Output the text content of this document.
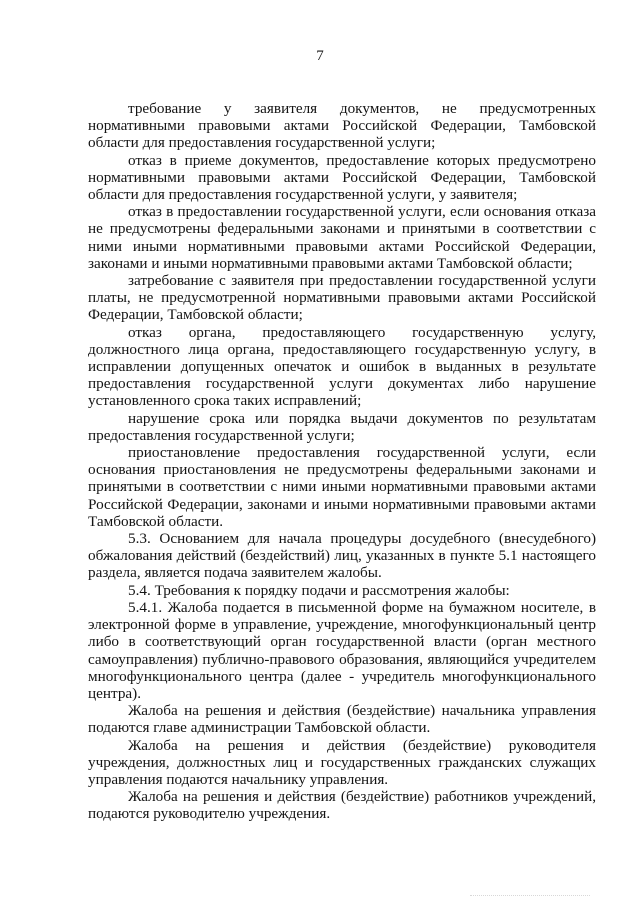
7

требование у заявителя документов, не предусмотренных нормативными правовыми актами Российской Федерации, Тамбовской области для предоставления государственной услуги;

отказ в приеме документов, предоставление которых предусмотрено нормативными правовыми актами Российской Федерации, Тамбовской области для предоставления государственной услуги, у заявителя;

отказ в предоставлении государственной услуги, если основания отказа не предусмотрены федеральными законами и принятыми в соответствии с ними иными нормативными правовыми актами Российской Федерации, законами и иными нормативными правовыми актами Тамбовской области;

затребование с заявителя при предоставлении государственной услуги платы, не предусмотренной нормативными правовыми актами Российской Федерации, Тамбовской области;

отказ органа, предоставляющего государственную услугу, должностного лица органа, предоставляющего государственную услугу, в исправлении допущенных опечаток и ошибок в выданных в результате предоставления государственной услуги документах либо нарушение установленного срока таких исправлений;

нарушение срока или порядка выдачи документов по результатам предоставления государственной услуги;

приостановление предоставления государственной услуги, если основания приостановления не предусмотрены федеральными законами и принятыми в соответствии с ними иными нормативными правовыми актами Российской Федерации, законами и иными нормативными правовыми актами Тамбовской области.

5.3. Основанием для начала процедуры досудебного (внесудебного) обжалования действий (бездействий) лиц, указанных в пункте 5.1 настоящего раздела, является подача заявителем жалобы.

5.4. Требования к порядку подачи и рассмотрения жалобы:

5.4.1. Жалоба подается в письменной форме на бумажном носителе, в электронной форме в управление, учреждение, многофункциональный центр либо в соответствующий орган государственной власти (орган местного самоуправления) публично-правового образования, являющийся учредителем многофункционального центра (далее - учредитель многофункционального центра).

Жалоба на решения и действия (бездействие) начальника управления подаются главе администрации Тамбовской области.

Жалоба на решения и действия (бездействие) руководителя учреждения, должностных лиц и государственных гражданских служащих управления подаются начальнику управления.

Жалоба на решения и действия (бездействие) работников учреждений, подаются руководителю учреждения.
